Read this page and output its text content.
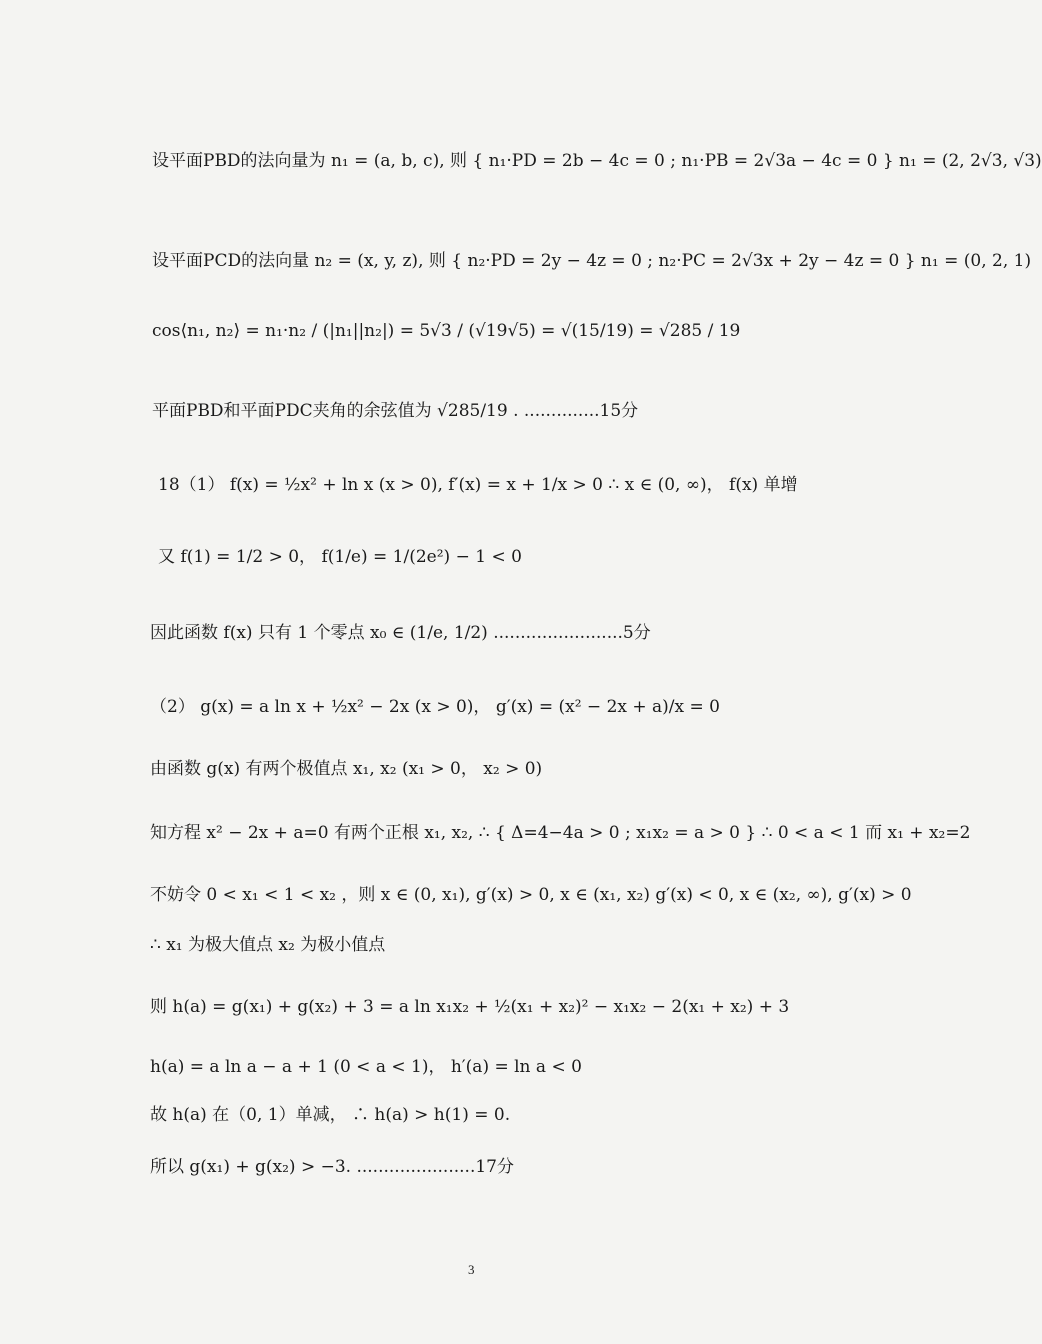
设平面PBD的法向量为 n₁ = (a, b, c), 则 { n₁·PD = 2b − 4c = 0 ; n₁·PB = 2√3a − 4c = 0 } n₁ = (2, 2√3, √3)
设平面PCD的法向量 n₂ = (x, y, z), 则 { n₂·PD = 2y − 4z = 0 ; n₂·PC = 2√3x + 2y − 4z = 0 } n₁ = (0, 2, 1)
cos⟨n₁, n₂⟩ = n₁·n₂ / (|n₁||n₂|) = 5√3 / (√19√5) = √(15/19) = √285 / 19
平面PBD和平面PDC夹角的余弦值为 √285/19 . ..............15分
18（1） f(x) = ½x² + ln x (x > 0), f′(x) = x + 1/x > 0 ∴ x ∈ (0, ∞)， f(x) 单增
又 f(1) = 1/2 > 0， f(1/e) = 1/(2e²) − 1 < 0
因此函数 f(x) 只有 1 个零点 x₀ ∈ (1/e, 1/2) ........................5分
（2） g(x) = a ln x + ½x² − 2x (x > 0)， g′(x) = (x² − 2x + a)/x = 0
由函数 g(x) 有两个极值点 x₁, x₂ (x₁ > 0， x₂ > 0)
知方程 x² − 2x + a=0 有两个正根 x₁, x₂, ∴ { Δ=4−4a > 0 ; x₁x₂ = a > 0 } ∴ 0 < a < 1 而 x₁ + x₂=2
不妨令 0 < x₁ < 1 < x₂ ，则 x ∈ (0, x₁), g′(x) > 0, x ∈ (x₁, x₂) g′(x) < 0, x ∈ (x₂, ∞), g′(x) > 0
∴ x₁ 为极大值点 x₂ 为极小值点
则 h(a) = g(x₁) + g(x₂) + 3 = a ln x₁x₂ + ½(x₁ + x₂)² − x₁x₂ − 2(x₁ + x₂) + 3
h(a) = a ln a − a + 1 (0 < a < 1)， h′(a) = ln a < 0
故 h(a) 在（0, 1）单减， ∴ h(a) > h(1) = 0.
所以 g(x₁) + g(x₂) > −3. ......................17分
3
